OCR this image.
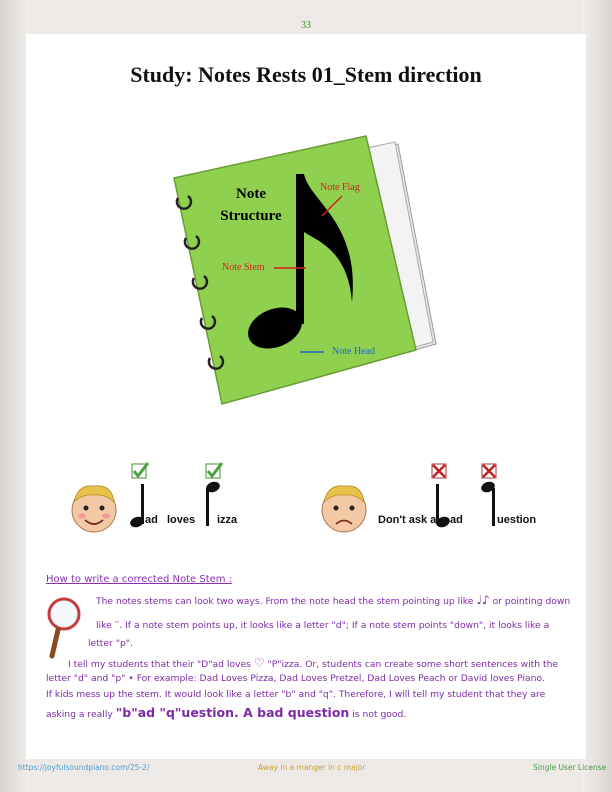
33
Study: Notes Rests 01_Stem direction
Note
Structure
Note Flag
Note Stem
Note Head
ad loves izza	Don't ask a ad	uestion
How to write a corrected Note Stem :
The notes stems can look two ways. From the note head the stem pointing up like ♩♪ or pointing down
like ′′. If a note stem points up, it looks like a letter "d"; If a note stem points "down", it looks like a
letter "p".
I tell my students that their "D"ad loves ♡ "P"izza. Or, students can create some short sentences with the
letter "d" and "p" • For example: Dad Loves Pizza, Dad Loves Pretzel, Dad Loves Peach or David loves Piano.
If kids mess up the stem. It would look like a letter "b" and "q". Therefore, I will tell my student that they are
asking a really "b"ad "q"uestion. A bad question is not good.
https://joyfulsoundpiano.com/25-2/	Away in a manger in c major	Single User License
